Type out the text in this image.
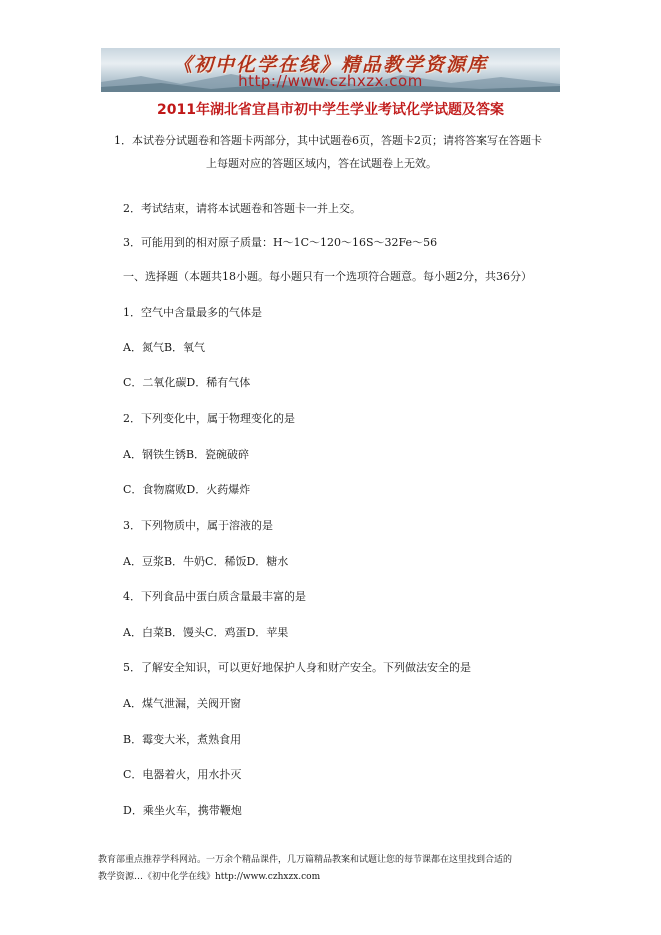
《初中化学在线》精品教学资源库
http://www.czhxzx.com
2011年湖北省宜昌市初中学生学业考试化学试题及答案
1．本试卷分试题卷和答题卡两部分，其中试题卷6页，答题卡2页；请将答案写在答题卡
上每题对应的答题区域内，答在试题卷上无效。
2．考试结束，请将本试题卷和答题卡一并上交。
3．可能用到的相对原子质量：H～1C～120～16S～32Fe～56
一、选择题（本题共18小题。每小题只有一个选项符合题意。每小题2分，共36分）
1．空气中含量最多的气体是
A．氮气B．氧气
C．二氧化碳D．稀有气体
2．下列变化中，属于物理变化的是
A．钢铁生锈B．瓷碗破碎
C．食物腐败D．火药爆炸
3．下列物质中，属于溶液的是
A．豆浆B．牛奶C．稀饭D．糖水
4．下列食品中蛋白质含量最丰富的是
A．白菜B．馒头C．鸡蛋D．苹果
5．了解安全知识，可以更好地保护人身和财产安全。下列做法安全的是
A．煤气泄漏，关阀开窗
B．霉变大米，煮熟食用
C．电器着火，用水扑灭
D．乘坐火车，携带鞭炮
教育部重点推荐学科网站。一万余个精品课件，几万篇精品教案和试题让您的每节课都在这里找到合适的
教学资源…《初中化学在线》http://www.czhxzx.com
